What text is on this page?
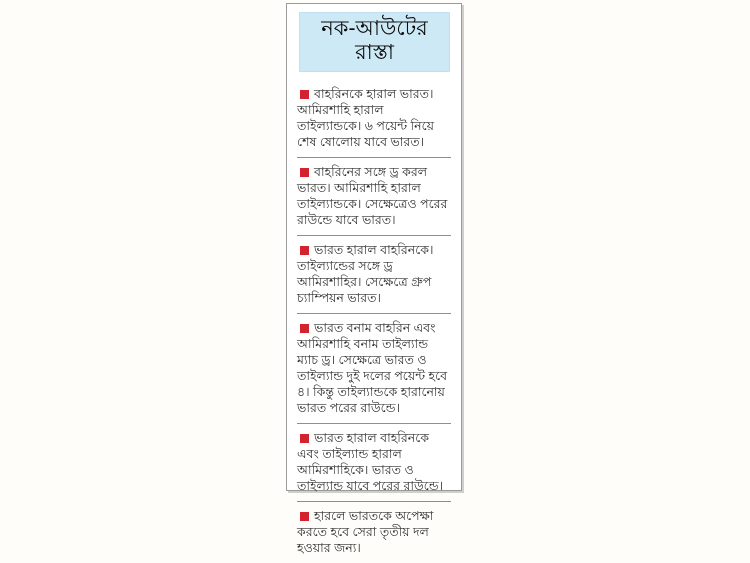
নক-আউটের রাস্তা
বাহরিনকে হারাল ভারত। আমিরশাহি হারাল তাইল্যান্ডকে। ৬ পয়েন্ট নিয়ে শেষ ষোলোয় যাবে ভারত।
বাহরিনের সঙ্গে ড্র করল ভারত। আমিরশাহি হারাল তাইল্যান্ডকে। সেক্ষেত্রেও পরের রাউন্ডে যাবে ভারত।
ভারত হারাল বাহরিনকে। তাইল্যান্ডের সঙ্গে ড্র আমিরশাহির। সেক্ষেত্রে গ্রুপ চ্যাম্পিয়ন ভারত।
ভারত বনাম বাহরিন এবং আমিরশাহি বনাম তাইল্যান্ড ম্যাচ ড্র। সেক্ষেত্রে ভারত ও তাইল্যান্ড দুই দলের পয়েন্ট হবে ৪। কিন্তু তাইল্যান্ডকে হারানোয় ভারত পরের রাউন্ডে।
ভারত হারাল বাহরিনকে এবং তাইল্যান্ড হারাল আমিরশাহিকে। ভারত ও তাইল্যান্ড যাবে পরের রাউন্ডে।
হারলে ভারতকে অপেক্ষা করতে হবে সেরা তৃতীয় দল হওয়ার জন্য।
